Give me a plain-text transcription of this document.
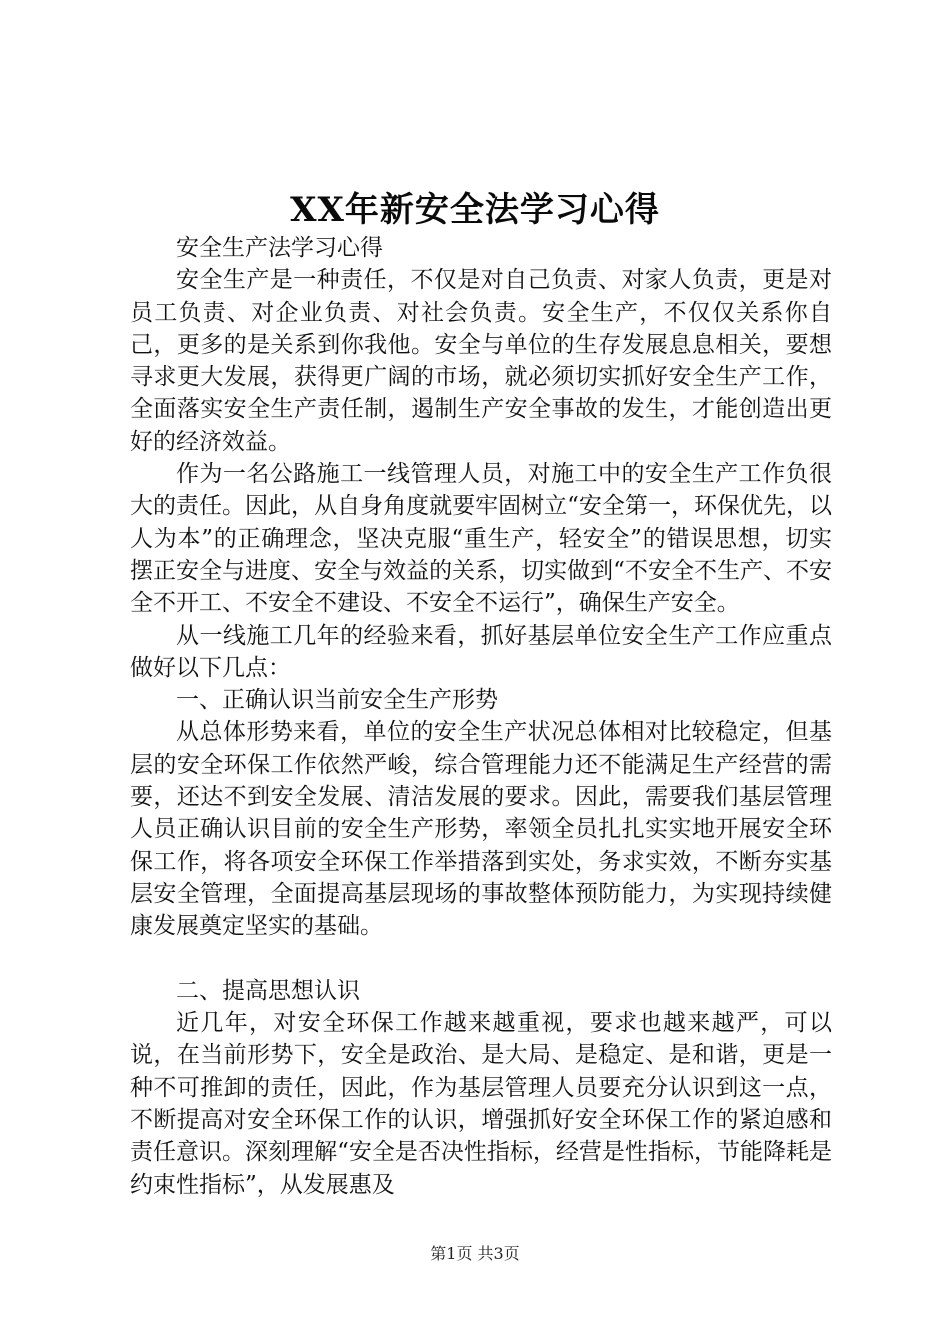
XX年新安全法学习心得

安全生产法学习心得

安全生产是一种责任，不仅是对自己负责、对家人负责，更是对员工负责、对企业负责、对社会负责。安全生产，不仅仅关系你自己，更多的是关系到你我他。安全与单位的生存发展息息相关，要想寻求更大发展，获得更广阔的市场，就必须切实抓好安全生产工作，全面落实安全生产责任制，遏制生产安全事故的发生，才能创造出更好的经济效益。

作为一名公路施工一线管理人员，对施工中的安全生产工作负很大的责任。因此，从自身角度就要牢固树立“安全第一，环保优先，以人为本”的正确理念，坚决克服“重生产，轻安全”的错误思想，切实摆正安全与进度、安全与效益的关系，切实做到“不安全不生产、不安全不开工、不安全不建设、不安全不运行”，确保生产安全。

从一线施工几年的经验来看，抓好基层单位安全生产工作应重点做好以下几点：

一、正确认识当前安全生产形势

从总体形势来看，单位的安全生产状况总体相对比较稳定，但基层的安全环保工作依然严峻，综合管理能力还不能满足生产经营的需要，还达不到安全发展、清洁发展的要求。因此，需要我们基层管理人员正确认识目前的安全生产形势，率领全员扎扎实实地开展安全环保工作，将各项安全环保工作举措落到实处，务求实效，不断夯实基层安全管理，全面提高基层现场的事故整体预防能力，为实现持续健康发展奠定坚实的基础。

二、提高思想认识

近几年，对安全环保工作越来越重视，要求也越来越严，可以说，在当前形势下，安全是政治、是大局、是稳定、是和谐，更是一种不可推卸的责任，因此，作为基层管理人员要充分认识到这一点，不断提高对安全环保工作的认识，增强抓好安全环保工作的紧迫感和责任意识。深刻理解“安全是否决性指标，经营是性指标，节能降耗是约束性指标”，从发展惠及

第1页 共3页
